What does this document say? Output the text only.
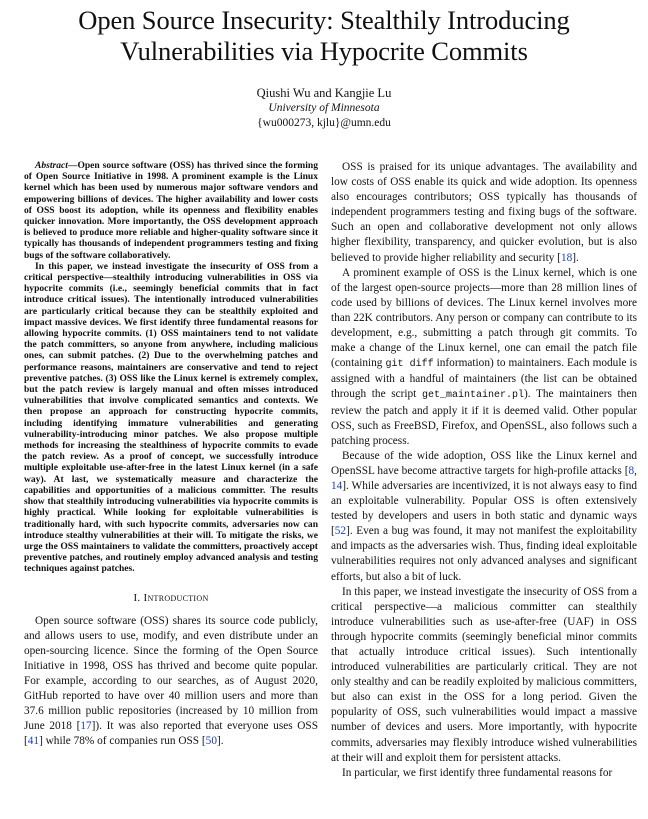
Open Source Insecurity: Stealthily Introducing
Vulnerabilities via Hypocrite Commits
Qiushi Wu and Kangjie Lu
University of Minnesota
{wu000273, kjlu}@umn.edu

Abstract—Open source software (OSS) has thrived since the forming of Open Source Initiative in 1998. A prominent example is the Linux kernel which has been used by numerous major software vendors and empowering billions of devices. The higher availability and lower costs of OSS boost its adoption, while its openness and flexibility enables quicker innovation. More importantly, the OSS development approach is believed to produce more reliable and higher-quality software since it typically has thousands of independent programmers testing and fixing bugs of the software collaboratively.

In this paper, we instead investigate the insecurity of OSS from a critical perspective—stealthily introducing vulnerabilities in OSS via hypocrite commits (i.e., seemingly beneficial commits that in fact introduce critical issues). The intentionally introduced vulnerabilities are particularly critical because they can be stealthily exploited and impact massive devices. We first identify three fundamental reasons for allowing hypocrite commits. (1) OSS maintainers tend to not validate the patch committers, so anyone from anywhere, including malicious ones, can submit patches. (2) Due to the overwhelming patches and performance reasons, maintainers are conservative and tend to reject preventive patches. (3) OSS like the Linux kernel is extremely complex, but the patch review is largely manual and often misses introduced vulnerabilities that involve complicated semantics and contexts. We then propose an approach for constructing hypocrite commits, including identifying immature vulnerabilities and generating vulnerability-introducing minor patches. We also propose multiple methods for increasing the stealthiness of hypocrite commits to evade the patch review. As a proof of concept, we successfully introduce multiple exploitable use-after-free in the latest Linux kernel (in a safe way). At last, we systematically measure and characterize the capabilities and opportunities of a malicious committer. The results show that stealthily introducing vulnerabilities via hypocrite commits is highly practical. While looking for exploitable vulnerabilities is traditionally hard, with such hypocrite commits, adversaries now can introduce stealthy vulnerabilities at their will. To mitigate the risks, we urge the OSS maintainers to validate the committers, proactively accept preventive patches, and routinely employ advanced analysis and testing techniques against patches.

I. Introduction

Open source software (OSS) shares its source code publicly, and allows users to use, modify, and even distribute under an open-sourcing licence. Since the forming of the Open Source Initiative in 1998, OSS has thrived and become quite popular. For example, according to our searches, as of August 2020, GitHub reported to have over 40 million users and more than 37.6 million public repositories (increased by 10 million from June 2018 [17]). It was also reported that everyone uses OSS [41] while 78% of companies run OSS [50].

OSS is praised for its unique advantages. The availability and low costs of OSS enable its quick and wide adoption. Its openness also encourages contributors; OSS typically has thousands of independent programmers testing and fixing bugs of the software. Such an open and collaborative development not only allows higher flexibility, transparency, and quicker evolution, but is also believed to provide higher reliability and security [18].

A prominent example of OSS is the Linux kernel, which is one of the largest open-source projects—more than 28 million lines of code used by billions of devices. The Linux kernel involves more than 22K contributors. Any person or company can contribute to its development, e.g., submitting a patch through git commits. To make a change of the Linux kernel, one can email the patch file (containing git diff information) to maintainers. Each module is assigned with a handful of maintainers (the list can be obtained through the script get_maintainer.pl). The maintainers then review the patch and apply it if it is deemed valid. Other popular OSS, such as FreeBSD, Firefox, and OpenSSL, also follows such a patching process.

Because of the wide adoption, OSS like the Linux kernel and OpenSSL have become attractive targets for high-profile attacks [8, 14]. While adversaries are incentivized, it is not always easy to find an exploitable vulnerability. Popular OSS is often extensively tested by developers and users in both static and dynamic ways [52]. Even a bug was found, it may not manifest the exploitability and impacts as the adversaries wish. Thus, finding ideal exploitable vulnerabilities requires not only advanced analyses and significant efforts, but also a bit of luck.

In this paper, we instead investigate the insecurity of OSS from a critical perspective—a malicious committer can stealthily introduce vulnerabilities such as use-after-free (UAF) in OSS through hypocrite commits (seemingly beneficial minor commits that actually introduce critical issues). Such intentionally introduced vulnerabilities are particularly critical. They are not only stealthy and can be readily exploited by malicious committers, but also can exist in the OSS for a long period. Given the popularity of OSS, such vulnerabilities would impact a massive number of devices and users. More importantly, with hypocrite commits, adversaries may flexibly introduce wished vulnerabilities at their will and exploit them for persistent attacks.

In particular, we first identify three fundamental reasons for
